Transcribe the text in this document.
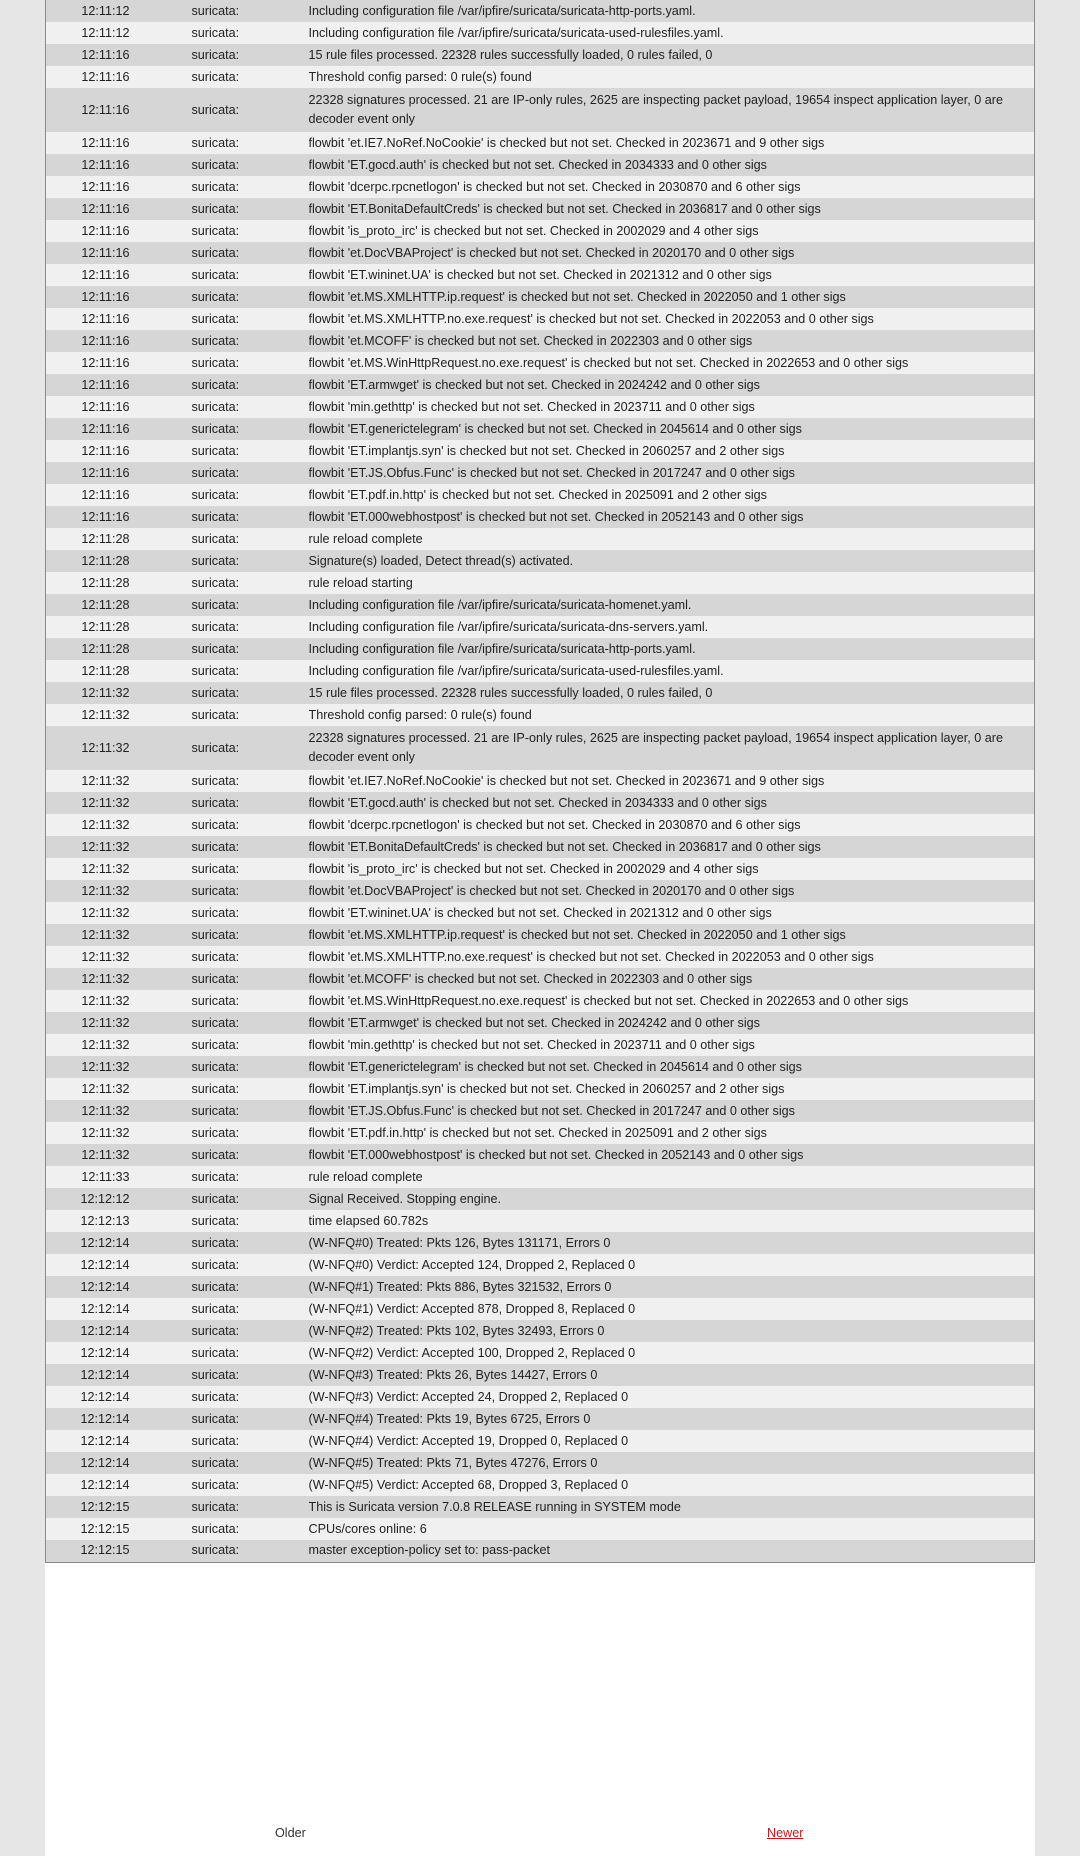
12:11:12	suricata:	Including configuration file /var/ipfire/suricata/suricata-http-ports.yaml.
12:11:12	suricata:	Including configuration file /var/ipfire/suricata/suricata-used-rulesfiles.yaml.
12:11:16	suricata:	15 rule files processed. 22328 rules successfully loaded, 0 rules failed, 0
12:11:16	suricata:	Threshold config parsed: 0 rule(s) found
12:11:16	suricata:	22328 signatures processed. 21 are IP-only rules, 2625 are inspecting packet payload, 19654 inspect application layer, 0 are decoder event only
12:11:16	suricata:	flowbit 'et.IE7.NoRef.NoCookie' is checked but not set. Checked in 2023671 and 9 other sigs
12:11:16	suricata:	flowbit 'ET.gocd.auth' is checked but not set. Checked in 2034333 and 0 other sigs
12:11:16	suricata:	flowbit 'dcerpc.rpcnetlogon' is checked but not set. Checked in 2030870 and 6 other sigs
12:11:16	suricata:	flowbit 'ET.BonitaDefaultCreds' is checked but not set. Checked in 2036817 and 0 other sigs
12:11:16	suricata:	flowbit 'is_proto_irc' is checked but not set. Checked in 2002029 and 4 other sigs
12:11:16	suricata:	flowbit 'et.DocVBAProject' is checked but not set. Checked in 2020170 and 0 other sigs
12:11:16	suricata:	flowbit 'ET.wininet.UA' is checked but not set. Checked in 2021312 and 0 other sigs
12:11:16	suricata:	flowbit 'et.MS.XMLHTTP.ip.request' is checked but not set. Checked in 2022050 and 1 other sigs
12:11:16	suricata:	flowbit 'et.MS.XMLHTTP.no.exe.request' is checked but not set. Checked in 2022053 and 0 other sigs
12:11:16	suricata:	flowbit 'et.MCOFF' is checked but not set. Checked in 2022303 and 0 other sigs
12:11:16	suricata:	flowbit 'et.MS.WinHttpRequest.no.exe.request' is checked but not set. Checked in 2022653 and 0 other sigs
12:11:16	suricata:	flowbit 'ET.armwget' is checked but not set. Checked in 2024242 and 0 other sigs
12:11:16	suricata:	flowbit 'min.gethttp' is checked but not set. Checked in 2023711 and 0 other sigs
12:11:16	suricata:	flowbit 'ET.generictelegram' is checked but not set. Checked in 2045614 and 0 other sigs
12:11:16	suricata:	flowbit 'ET.implantjs.syn' is checked but not set. Checked in 2060257 and 2 other sigs
12:11:16	suricata:	flowbit 'ET.JS.Obfus.Func' is checked but not set. Checked in 2017247 and 0 other sigs
12:11:16	suricata:	flowbit 'ET.pdf.in.http' is checked but not set. Checked in 2025091 and 2 other sigs
12:11:16	suricata:	flowbit 'ET.000webhostpost' is checked but not set. Checked in 2052143 and 0 other sigs
12:11:28	suricata:	rule reload complete
12:11:28	suricata:	Signature(s) loaded, Detect thread(s) activated.
12:11:28	suricata:	rule reload starting
12:11:28	suricata:	Including configuration file /var/ipfire/suricata/suricata-homenet.yaml.
12:11:28	suricata:	Including configuration file /var/ipfire/suricata/suricata-dns-servers.yaml.
12:11:28	suricata:	Including configuration file /var/ipfire/suricata/suricata-http-ports.yaml.
12:11:28	suricata:	Including configuration file /var/ipfire/suricata/suricata-used-rulesfiles.yaml.
12:11:32	suricata:	15 rule files processed. 22328 rules successfully loaded, 0 rules failed, 0
12:11:32	suricata:	Threshold config parsed: 0 rule(s) found
12:11:32	suricata:	22328 signatures processed. 21 are IP-only rules, 2625 are inspecting packet payload, 19654 inspect application layer, 0 are decoder event only
12:11:32	suricata:	flowbit 'et.IE7.NoRef.NoCookie' is checked but not set. Checked in 2023671 and 9 other sigs
12:11:32	suricata:	flowbit 'ET.gocd.auth' is checked but not set. Checked in 2034333 and 0 other sigs
12:11:32	suricata:	flowbit 'dcerpc.rpcnetlogon' is checked but not set. Checked in 2030870 and 6 other sigs
12:11:32	suricata:	flowbit 'ET.BonitaDefaultCreds' is checked but not set. Checked in 2036817 and 0 other sigs
12:11:32	suricata:	flowbit 'is_proto_irc' is checked but not set. Checked in 2002029 and 4 other sigs
12:11:32	suricata:	flowbit 'et.DocVBAProject' is checked but not set. Checked in 2020170 and 0 other sigs
12:11:32	suricata:	flowbit 'ET.wininet.UA' is checked but not set. Checked in 2021312 and 0 other sigs
12:11:32	suricata:	flowbit 'et.MS.XMLHTTP.ip.request' is checked but not set. Checked in 2022050 and 1 other sigs
12:11:32	suricata:	flowbit 'et.MS.XMLHTTP.no.exe.request' is checked but not set. Checked in 2022053 and 0 other sigs
12:11:32	suricata:	flowbit 'et.MCOFF' is checked but not set. Checked in 2022303 and 0 other sigs
12:11:32	suricata:	flowbit 'et.MS.WinHttpRequest.no.exe.request' is checked but not set. Checked in 2022653 and 0 other sigs
12:11:32	suricata:	flowbit 'ET.armwget' is checked but not set. Checked in 2024242 and 0 other sigs
12:11:32	suricata:	flowbit 'min.gethttp' is checked but not set. Checked in 2023711 and 0 other sigs
12:11:32	suricata:	flowbit 'ET.generictelegram' is checked but not set. Checked in 2045614 and 0 other sigs
12:11:32	suricata:	flowbit 'ET.implantjs.syn' is checked but not set. Checked in 2060257 and 2 other sigs
12:11:32	suricata:	flowbit 'ET.JS.Obfus.Func' is checked but not set. Checked in 2017247 and 0 other sigs
12:11:32	suricata:	flowbit 'ET.pdf.in.http' is checked but not set. Checked in 2025091 and 2 other sigs
12:11:32	suricata:	flowbit 'ET.000webhostpost' is checked but not set. Checked in 2052143 and 0 other sigs
12:11:33	suricata:	rule reload complete
12:12:12	suricata:	Signal Received. Stopping engine.
12:12:13	suricata:	time elapsed 60.782s
12:12:14	suricata:	(W-NFQ#0) Treated: Pkts 126, Bytes 131171, Errors 0
12:12:14	suricata:	(W-NFQ#0) Verdict: Accepted 124, Dropped 2, Replaced 0
12:12:14	suricata:	(W-NFQ#1) Treated: Pkts 886, Bytes 321532, Errors 0
12:12:14	suricata:	(W-NFQ#1) Verdict: Accepted 878, Dropped 8, Replaced 0
12:12:14	suricata:	(W-NFQ#2) Treated: Pkts 102, Bytes 32493, Errors 0
12:12:14	suricata:	(W-NFQ#2) Verdict: Accepted 100, Dropped 2, Replaced 0
12:12:14	suricata:	(W-NFQ#3) Treated: Pkts 26, Bytes 14427, Errors 0
12:12:14	suricata:	(W-NFQ#3) Verdict: Accepted 24, Dropped 2, Replaced 0
12:12:14	suricata:	(W-NFQ#4) Treated: Pkts 19, Bytes 6725, Errors 0
12:12:14	suricata:	(W-NFQ#4) Verdict: Accepted 19, Dropped 0, Replaced 0
12:12:14	suricata:	(W-NFQ#5) Treated: Pkts 71, Bytes 47276, Errors 0
12:12:14	suricata:	(W-NFQ#5) Verdict: Accepted 68, Dropped 3, Replaced 0
12:12:15	suricata:	This is Suricata version 7.0.8 RELEASE running in SYSTEM mode
12:12:15	suricata:	CPUs/cores online: 6
12:12:15	suricata:	master exception-policy set to: pass-packet
Older	Newer
